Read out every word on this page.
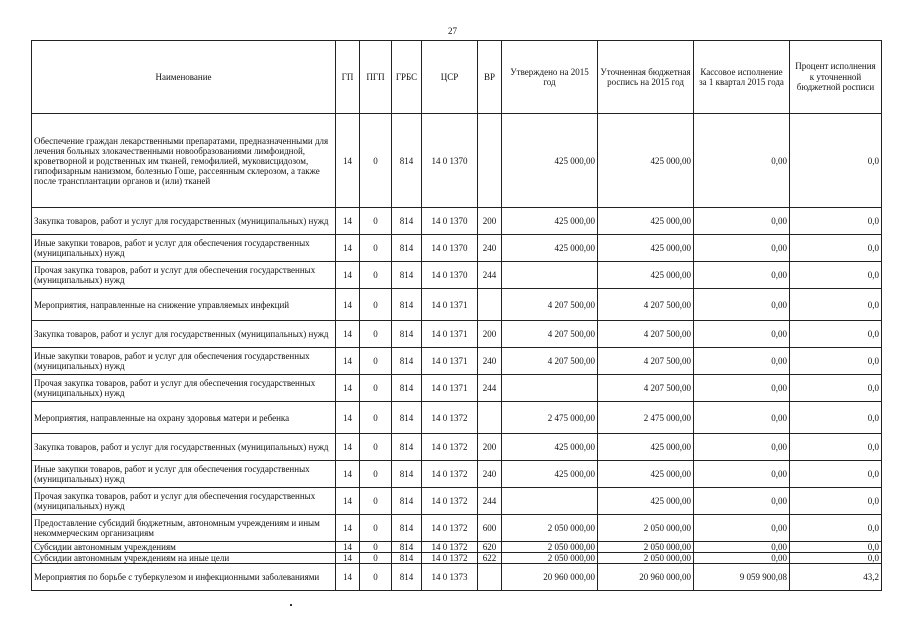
27
Наименование	ГП	ПГП	ГРБС	ЦСР	ВР	Утверждено на 2015 год	Уточненная бюджетная роспись на 2015 год	Кассовое исполнение за 1 квартал 2015 года	Процент исполнения к уточненной бюджетной росписи
Обеспечение граждан лекарственными препаратами, предназначенными для лечения больных злокачественными новообразованиями лимфоидной, кроветворной и родственных им тканей, гемофилией, муковисцидозом, гипофизарным нанизмом, болезнью Гоше, рассеянным склерозом, а также после трансплантации органов и (или) тканей	14	0	814	14 0 1370		425 000,00	425 000,00	0,00	0,0
Закупка товаров, работ и услуг для государственных (муниципальных) нужд	14	0	814	14 0 1370	200	425 000,00	425 000,00	0,00	0,0
Иные закупки товаров, работ и услуг для обеспечения государственных (муниципальных) нужд	14	0	814	14 0 1370	240	425 000,00	425 000,00	0,00	0,0
Прочая закупка товаров, работ и услуг для обеспечения государственных (муниципальных) нужд	14	0	814	14 0 1370	244		425 000,00	0,00	0,0
Мероприятия, направленные на снижение управляемых инфекций	14	0	814	14 0 1371		4 207 500,00	4 207 500,00	0,00	0,0
Закупка товаров, работ и услуг для государственных (муниципальных) нужд	14	0	814	14 0 1371	200	4 207 500,00	4 207 500,00	0,00	0,0
Иные закупки товаров, работ и услуг для обеспечения государственных (муниципальных) нужд	14	0	814	14 0 1371	240	4 207 500,00	4 207 500,00	0,00	0,0
Прочая закупка товаров, работ и услуг для обеспечения государственных (муниципальных) нужд	14	0	814	14 0 1371	244		4 207 500,00	0,00	0,0
Мероприятия, направленные на охрану здоровья матери и ребенка	14	0	814	14 0 1372		2 475 000,00	2 475 000,00	0,00	0,0
Закупка товаров, работ и услуг для государственных (муниципальных) нужд	14	0	814	14 0 1372	200	425 000,00	425 000,00	0,00	0,0
Иные закупки товаров, работ и услуг для обеспечения государственных (муниципальных) нужд	14	0	814	14 0 1372	240	425 000,00	425 000,00	0,00	0,0
Прочая закупка товаров, работ и услуг для обеспечения государственных (муниципальных) нужд	14	0	814	14 0 1372	244		425 000,00	0,00	0,0
Предоставление субсидий бюджетным, автономным учреждениям и иным некоммерческим организациям	14	0	814	14 0 1372	600	2 050 000,00	2 050 000,00	0,00	0,0
Субсидии автономным учреждениям	14	0	814	14 0 1372	620	2 050 000,00	2 050 000,00	0,00	0,0
Субсидии автономным учреждениям на иные цели	14	0	814	14 0 1372	622	2 050 000,00	2 050 000,00	0,00	0,0
Мероприятия по борьбе с туберкулезом и инфекционными заболеваниями	14	0	814	14 0 1373		20 960 000,00	20 960 000,00	9 059 900,08	43,2
